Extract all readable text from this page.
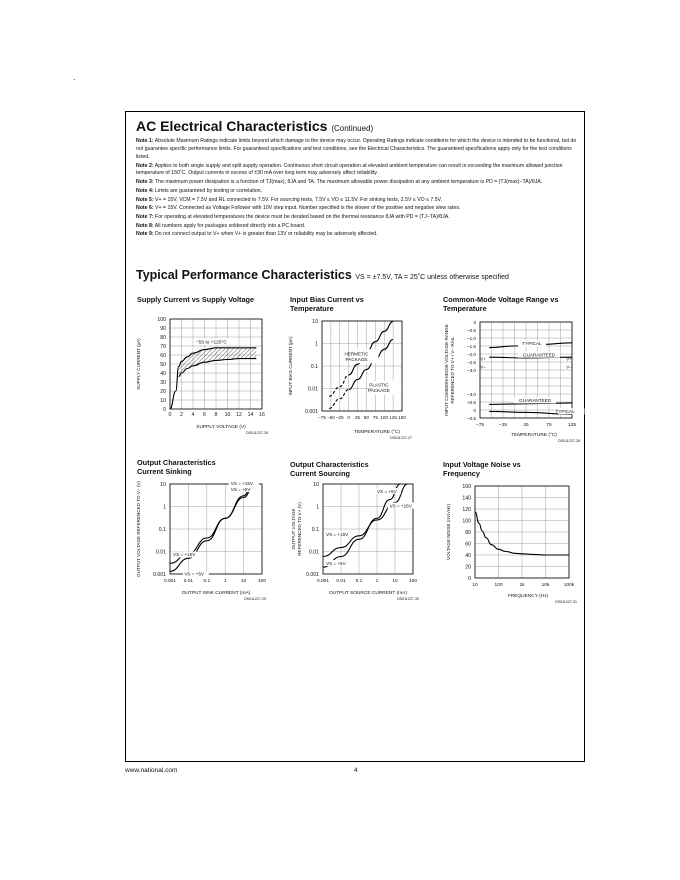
AC Electrical Characteristics (Continued)
Note 1: Absolute Maximum Ratings indicate limits beyond which damage to the device may occur. Operating Ratings indicate conditions for which the device is intended to be functional, but do not guarantee specific performance limits. For guaranteed specifications and test conditions, see the Electrical Characteristics. The guaranteed specifications apply only for the test conditions listed.
Note 2: Applies to both single supply and split supply operation. Continuous short circuit operation at elevated ambient temperature can result in exceeding the maximum allowed junction temperature of 150˚C. Output currents in excess of ±30 mA over long term may adversely affect reliability.
Note 3: The maximum power dissipation is a function of TJ(max), θJA and TA. The maximum allowable power dissipation at any ambient temperature is PD = (TJ(max)−TA)/θJA.
Note 4: Limits are guaranteed by testing or correlation.
Note 5: V+ = 15V, VCM = 7.5V and RL connected to 7.5V. For sourcing tests, 7.5V ≤ VO ≤ 11.5V. For sinking tests, 2.5V ≤ VO ≤ 7.5V.
Note 6: V+ = 15V. Connected as Voltage Follower with 10V step input. Number specified is the slower of the positive and negative slew rates.
Note 7: For operating at elevated temperatures the device must be derated based on the thermal resistance θJA with PD = (TJ−TA)/θJA.
Note 8: All numbers apply for packages soldered directly into a PC board.
Note 9: Do not connect output to V+ when V+ is greater than 13V or reliability may be adversely affected.
Typical Performance Characteristics VS = ±7.5V, TA = 25˚C unless otherwise specified
Supply Current vs Supply Voltage	Input Bias Current vs Temperature
Common-Mode Voltage Range vs Temperature
Output Characteristics Current Sinking
Output Characteristics Current Sourcing
Input Voltage Noise vs Frequency
0 2 4 6 8 10 12 14 16
0
10
20
30
40
50
60
70
80
90
100
−55 to +125°C
SUPPLY VOLTAGE (V)
SUPPLY CURRENT (μA)
DS011227-26
−75 −50 −25 0 25 50 75 100 125 150
0.001
0.01
0.1
1
10
HERMETIC
PACKAGE
PLASTIC
PACKAGE
TEMPERATURE (°C)
INPUT BIAS CURRENT (pA)
DS011227-27
0
−0.5
−1.0
−1.5
−2.0
−2.5
−3.0
−3.0
+0.5
0
−0.5
−75	−25	25	75	125
TYPICAL
GUARANTEED
GUARANTEED
TYPICAL
V+
V−
V+
V−
TEMPERATURE (°C)
INPUT COMMON-MODE VOLTAGE RANGE REFERENCED TO V+ / V− RAIL
DS011227-28
0.001 0.01 0.1	1	10 100
0.001
0.01
0.1
1
10	VS = +15V
VS = +5V
VS = +15V
VS = +5V
OUTPUT SINK CURRENT (mA)
OUTPUT VOLTAGE REFERENCED TO V− (V)
DS011227-29
0.001 0.01 0.1	1	10 100
0.001
0.01
0.1
1
10
VS = +5V
VS = +15V
VS = +15V
VS = +5V
OUTPUT SOURCE CURRENT (mA)
OUTPUT VOLTAGE REFERENCED TO V+ (V)
DS011227-30
10	100	1k	10k	100k
0
20
40
60
80
100
120
140
160
FREQUENCY (Hz)
VOLTAGE NOISE (nV/√Hz)
DS011227-31
www.national.com	4
